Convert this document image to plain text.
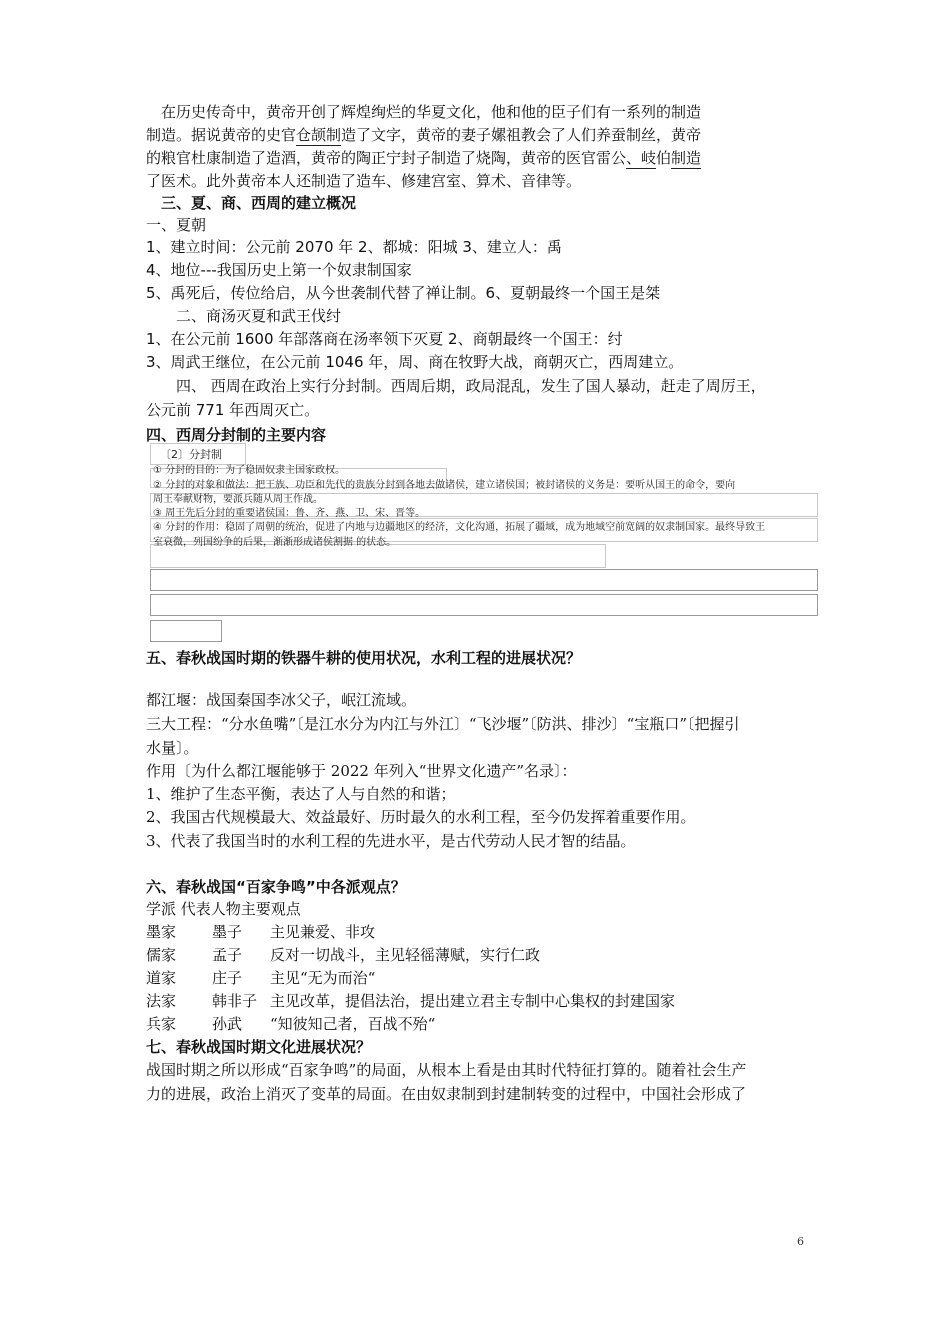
　在历史传奇中，黄帝开创了辉煌绚烂的华夏文化，他和他的臣子们有一系列的制造
制造。据说黄帝的史官仓颉制造了文字，黄帝的妻子嫘祖教会了人们养蚕制丝，黄帝
的粮官杜康制造了造酒，黄帝的陶正宁封子制造了烧陶，黄帝的医官雷公、岐伯制造
了医术。此外黄帝本人还制造了造车、修建宫室、算术、音律等。
　三、夏、商、西周的建立概况
一、夏朝
1、建立时间：公元前 2070 年 2、都城：阳城 3、建立人：禹
4、地位---我国历史上第一个奴隶制国家
5、禹死后，传位给启，从今世袭制代替了禅让制。6、夏朝最终一个国王是桀
　　二、商汤灭夏和武王伐纣
1、在公元前 1600 年部落商在汤率领下灭夏 2、商朝最终一个国王：纣
3、周武王继位，在公元前 1046 年，周、商在牧野大战，商朝灭亡，西周建立。
　　四、 西周在政治上实行分封制。西周后期，政局混乱，发生了国人暴动，赶走了周厉王，
公元前 771 年西周灭亡。
四、西周分封制的主要内容
〔2〕分封制
① 分封的目的：为了稳固奴隶主国家政权。
② 分封的对象和做法：把王族、功臣和先代的贵族分封到各地去做诸侯，建立诸侯国；被封诸侯的义务是：要听从国王的命令，要向
周王奉献财物，要派兵随从周王作战。
③ 周王先后分封的重要诸侯国：鲁、齐、燕、卫、宋、晋等。
④ 分封的作用：稳固了周朝的统治，促进了内地与边疆地区的经济，文化沟通，拓展了疆域，成为地域空前宽阔的奴隶制国家。最终导致王
室衰微，列国纷争的后果，渐渐形成诸侯割据 的状态。
五、春秋战国时期的铁器牛耕的使用状况，水利工程的进展状况？
都江堰：战国秦国李冰父子，岷江流域。
三大工程：“分水鱼嘴”〔是江水分为内江与外江〕“飞沙堰”〔防洪、排沙〕“宝瓶口”〔把握引
水量〕。
作用〔为什么都江堰能够于 2022 年列入“世界文化遗产”名录〕：
1、维护了生态平衡，表达了人与自然的和谐；
2、我国古代规模最大、效益最好、历时最久的水利工程，至今仍发挥着重要作用。
3、代表了我国当时的水利工程的先进水平，是古代劳动人民才智的结晶。
六、春秋战国“百家争鸣”中各派观点？
学派 代表人物主要观点
墨家 墨子 主见兼爱、非攻
儒家 孟子 反对一切战斗，主见轻徭薄赋，实行仁政
道家 庄子 主见“无为而治“
法家 韩非子 主见改革，提倡法治，提出建立君主专制中心集权的封建国家
兵家 孙武 “知彼知己者，百战不殆“
七、春秋战国时期文化进展状况？
战国时期之所以形成“百家争鸣”的局面，从根本上看是由其时代特征打算的。随着社会生产
力的进展，政治上消灭了变革的局面。在由奴隶制到封建制转变的过程中，中国社会形成了
6
